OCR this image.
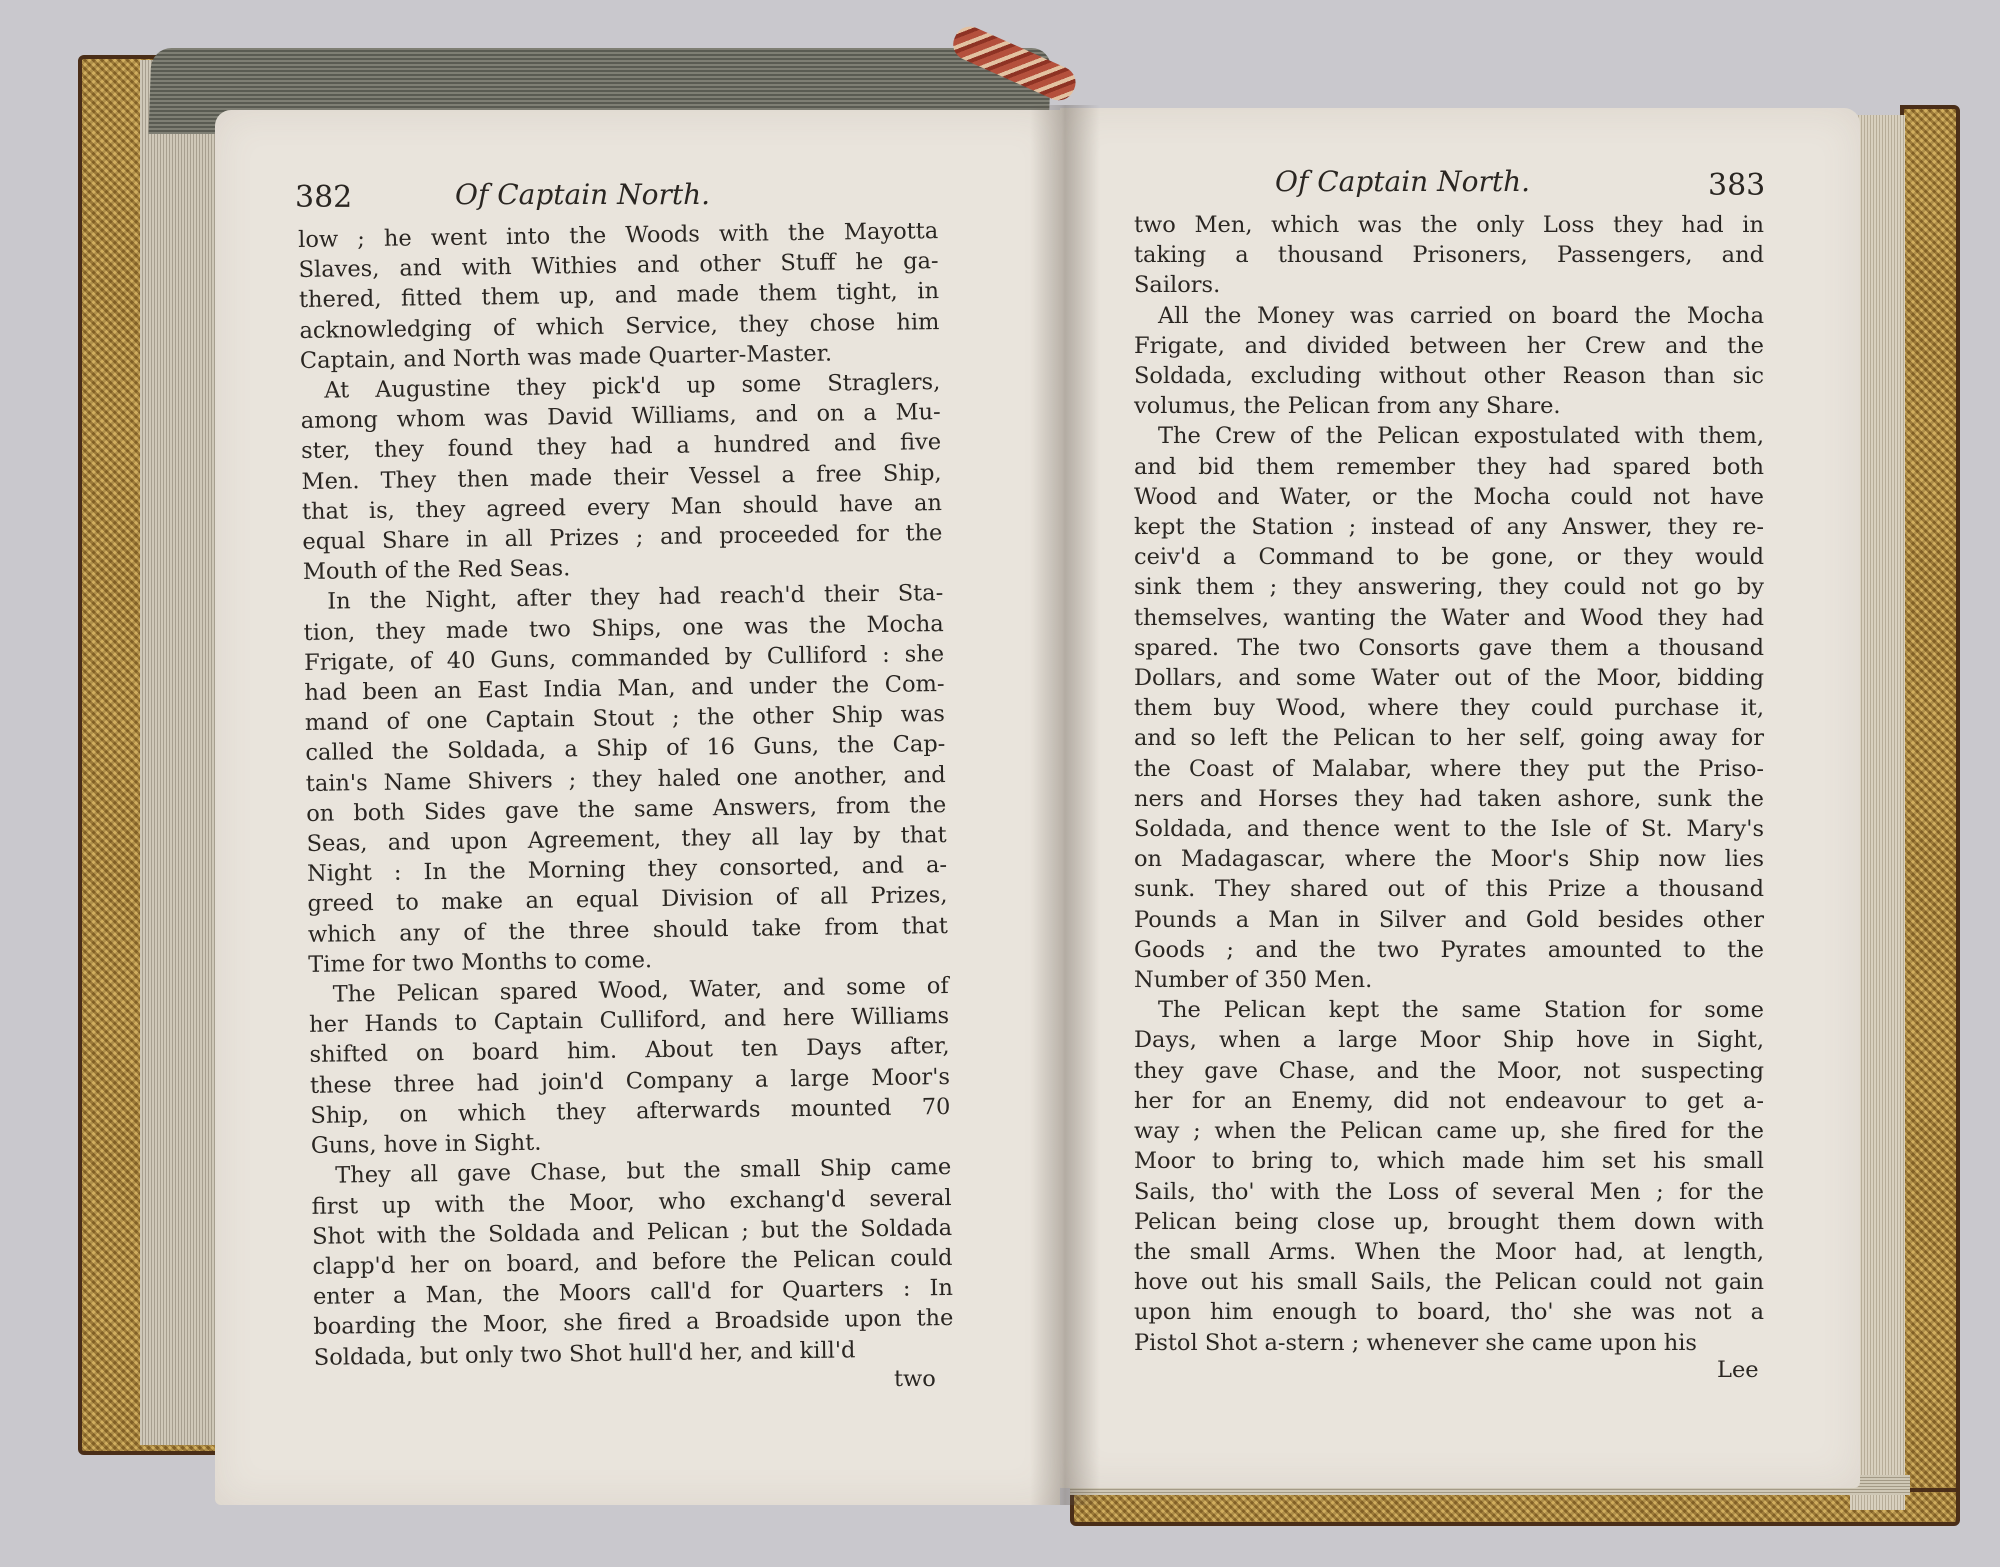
382	Of Captain North.
low ; he went into the Woods with the Mayotta
Slaves, and with Withies and other Stuff he ga-
thered, fitted them up, and made them tight, in
acknowledging of which Service, they chose him
Captain, and North was made Quarter-Master.
At Augustine they pick'd up some Straglers,
among whom was David Williams, and on a Mu-
ster, they found they had a hundred and five
Men. They then made their Vessel a free Ship,
that is, they agreed every Man should have an
equal Share in all Prizes ; and proceeded for the
Mouth of the Red Seas.
In the Night, after they had reach'd their Sta-
tion, they made two Ships, one was the Mocha
Frigate, of 40 Guns, commanded by Culliford : she
had been an East India Man, and under the Com-
mand of one Captain Stout ; the other Ship was
called the Soldada, a Ship of 16 Guns, the Cap-
tain's Name Shivers ; they haled one another, and
on both Sides gave the same Answers, from the
Seas, and upon Agreement, they all lay by that
Night : In the Morning they consorted, and a-
greed to make an equal Division of all Prizes,
which any of the three should take from that
Time for two Months to come.
The Pelican spared Wood, Water, and some of
her Hands to Captain Culliford, and here Williams
shifted on board him. About ten Days after,
these three had join'd Company a large Moor's
Ship, on which they afterwards mounted 70
Guns, hove in Sight.
They all gave Chase, but the small Ship came
first up with the Moor, who exchang'd several
Shot with the Soldada and Pelican ; but the Soldada
clapp'd her on board, and before the Pelican could
enter a Man, the Moors call'd for Quarters : In
boarding the Moor, she fired a Broadside upon the
Soldada, but only two Shot hull'd her, and kill'd
two
Of Captain North.	383
two Men, which was the only Loss they had in
taking a thousand Prisoners, Passengers, and
Sailors.
All the Money was carried on board the Mocha
Frigate, and divided between her Crew and the
Soldada, excluding without other Reason than sic
volumus, the Pelican from any Share.
The Crew of the Pelican expostulated with them,
and bid them remember they had spared both
Wood and Water, or the Mocha could not have
kept the Station ; instead of any Answer, they re-
ceiv'd a Command to be gone, or they would
sink them ; they answering, they could not go by
themselves, wanting the Water and Wood they had
spared. The two Consorts gave them a thousand
Dollars, and some Water out of the Moor, bidding
them buy Wood, where they could purchase it,
and so left the Pelican to her self, going away for
the Coast of Malabar, where they put the Priso-
ners and Horses they had taken ashore, sunk the
Soldada, and thence went to the Isle of St. Mary's
on Madagascar, where the Moor's Ship now lies
sunk. They shared out of this Prize a thousand
Pounds a Man in Silver and Gold besides other
Goods ; and the two Pyrates amounted to the
Number of 350 Men.
The Pelican kept the same Station for some
Days, when a large Moor Ship hove in Sight,
they gave Chase, and the Moor, not suspecting
her for an Enemy, did not endeavour to get a-
way ; when the Pelican came up, she fired for the
Moor to bring to, which made him set his small
Sails, tho' with the Loss of several Men ; for the
Pelican being close up, brought them down with
the small Arms. When the Moor had, at length,
hove out his small Sails, the Pelican could not gain
upon him enough to board, tho' she was not a
Pistol Shot a-stern ; whenever she came upon his
Lee
